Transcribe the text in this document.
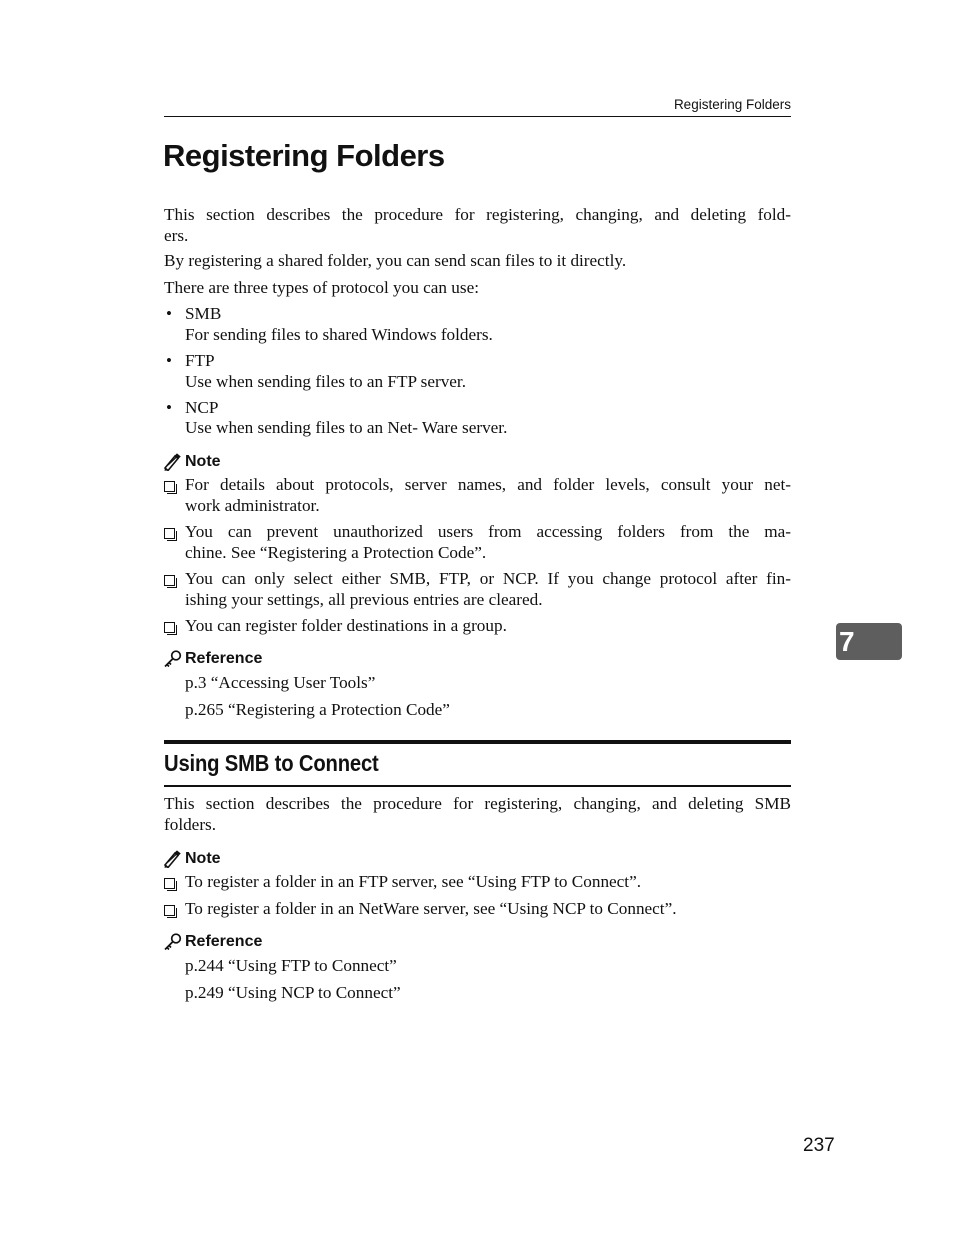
Registering Folders
Registering Folders
This section describes the procedure for registering, changing, and deleting fold-
ers.
By registering a shared folder, you can send scan files to it directly.
There are three types of protocol you can use:
• SMB
For sending files to shared Windows folders.
• FTP
Use when sending files to an FTP server.
• NCP
Use when sending files to an Net- Ware server.
Note
For details about protocols, server names, and folder levels, consult your net-
work administrator.
You can prevent unauthorized users from accessing folders from the ma-
chine. See “Registering a Protection Code”.
You can only select either SMB, FTP, or NCP. If you change protocol after fin-
ishing your settings, all previous entries are cleared.
You can register folder destinations in a group.
Reference
p.3 “Accessing User Tools”
p.265 “Registering a Protection Code”
Using SMB to Connect
This section describes the procedure for registering, changing, and deleting SMB
folders.
Note
To register a folder in an FTP server, see “Using FTP to Connect”.
To register a folder in an NetWare server, see “Using NCP to Connect”.
Reference
p.244 “Using FTP to Connect”
p.249 “Using NCP to Connect”
7
237
